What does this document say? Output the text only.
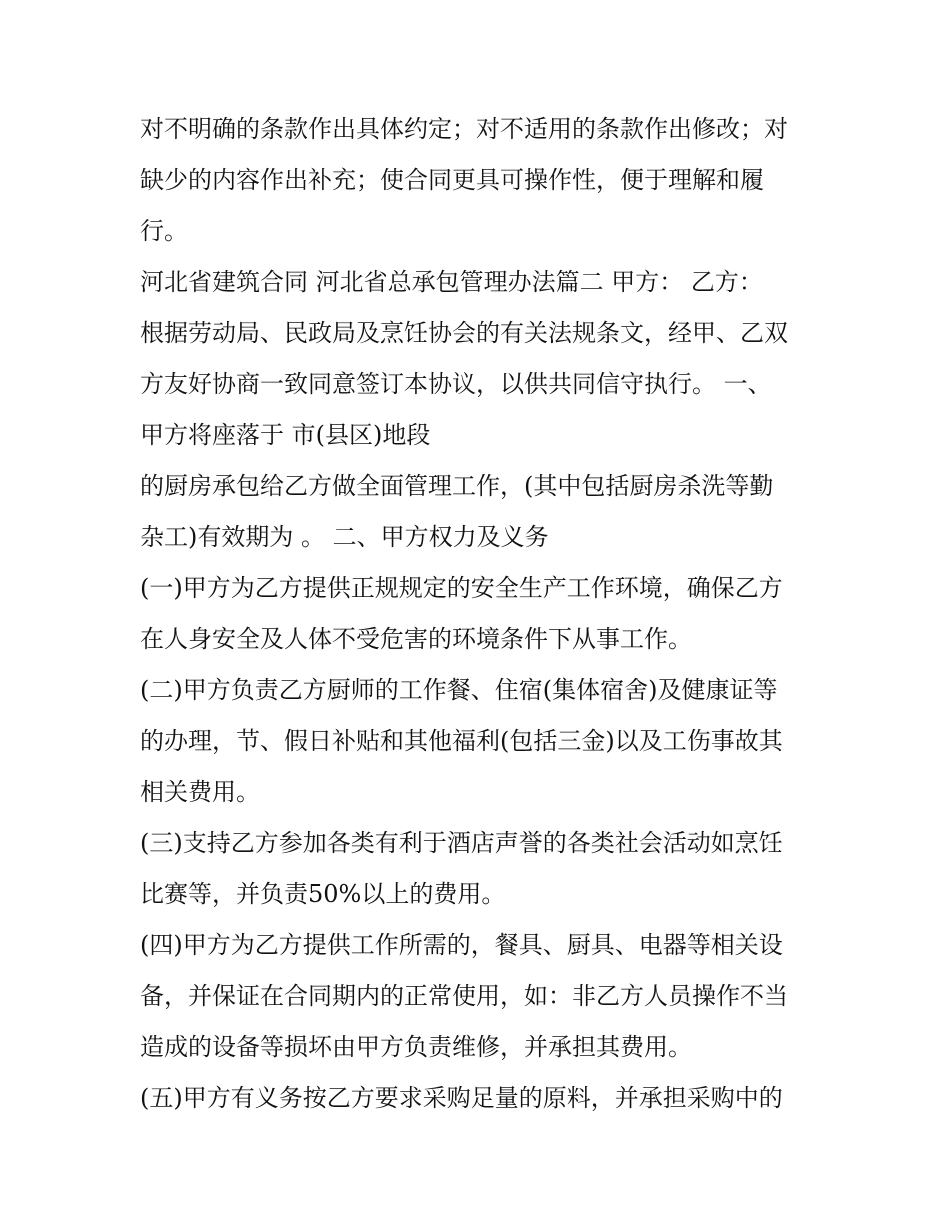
对不明确的条款作出具体约定；对不适用的条款作出修改；对
缺少的内容作出补充；使合同更具可操作性，便于理解和履
行。
河北省建筑合同 河北省总承包管理办法篇二 甲方： 乙方：
根据劳动局、民政局及烹饪协会的有关法规条文，经甲、乙双
方友好协商一致同意签订本协议，以供共同信守执行。 一、
甲方将座落于 市(县区)地段
的厨房承包给乙方做全面管理工作，(其中包括厨房杀洗等勤
杂工)有效期为 。 二、甲方权力及义务
(一)甲方为乙方提供正规规定的安全生产工作环境，确保乙方
在人身安全及人体不受危害的环境条件下从事工作。
(二)甲方负责乙方厨师的工作餐、住宿(集体宿舍)及健康证等
的办理，节、假日补贴和其他福利(包括三金)以及工伤事故其
相关费用。
(三)支持乙方参加各类有利于酒店声誉的各类社会活动如烹饪
比赛等，并负责50%以上的费用。
(四)甲方为乙方提供工作所需的，餐具、厨具、电器等相关设
备，并保证在合同期内的正常使用，如：非乙方人员操作不当
造成的设备等损坏由甲方负责维修，并承担其费用。
(五)甲方有义务按乙方要求采购足量的原料，并承担采购中的
